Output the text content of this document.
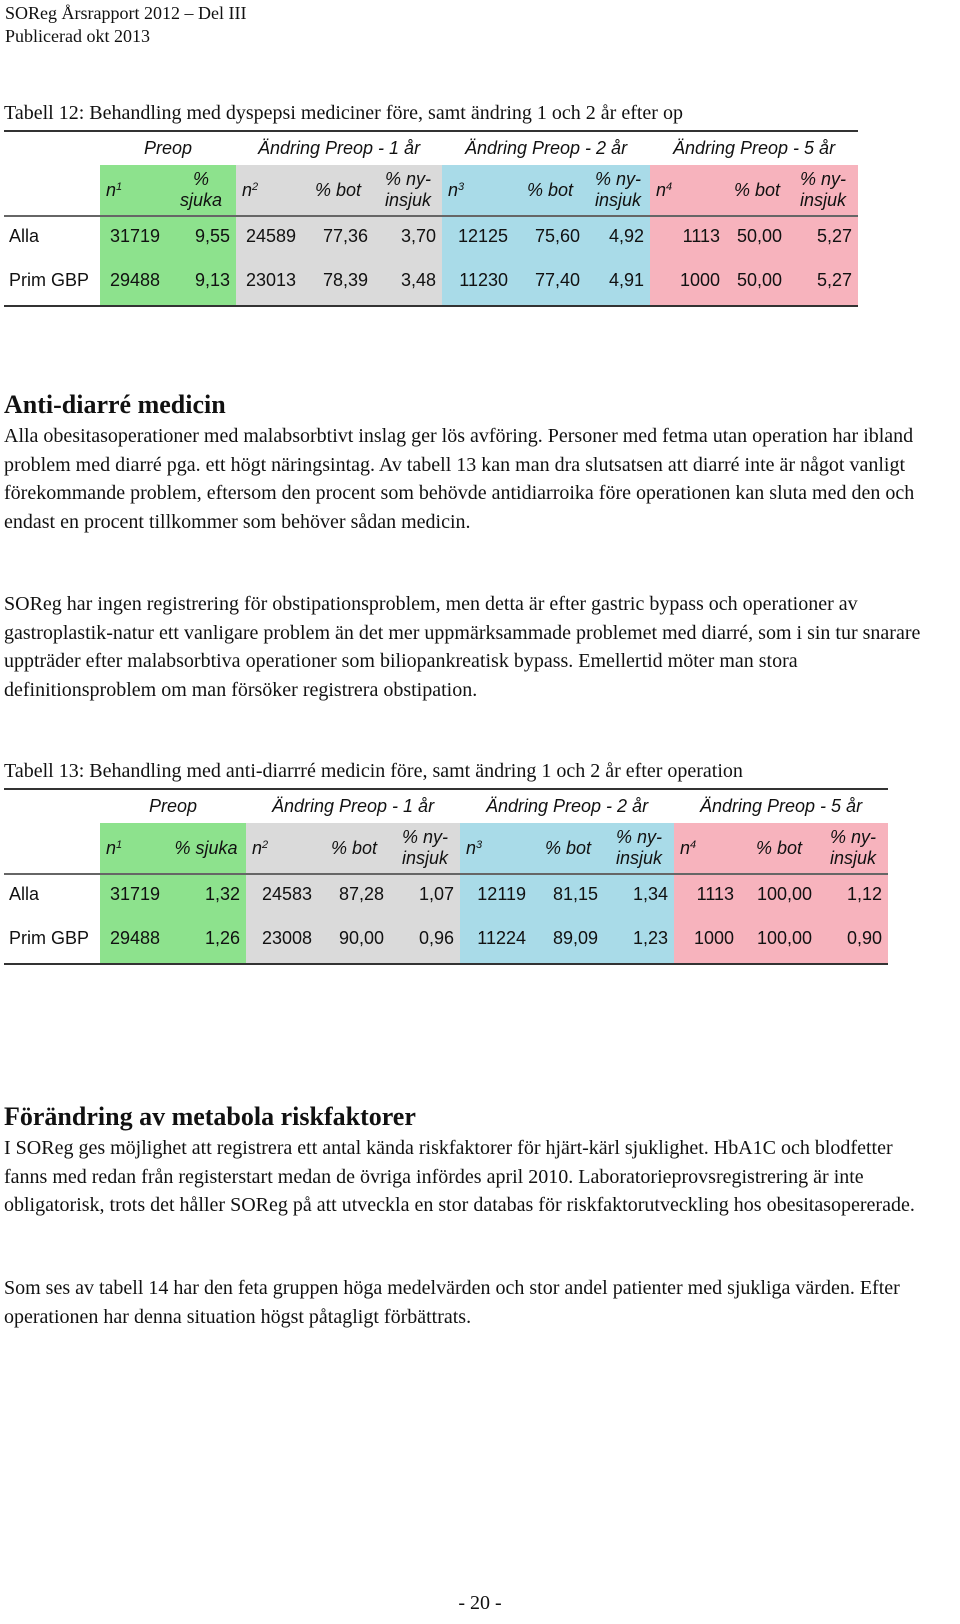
SOReg Årsrapport 2012 – Del III
Publicerad okt 2013
Tabell 12: Behandling med dyspepsi mediciner före, samt ändring 1 och 2 år efter op
	Preop		Ändring Preop - 1 år			Ändring Preop - 2 år			Ändring Preop - 5 år		
	$n^1$	% sjuka	$n^2$	% bot	% ny-insjuk	$n^3$	% bot	% ny-insjuk	$n^4$	% bot	% ny-insjuk
Alla	31719	9,55	24589	77,36	3,70	12125	75,60	4,92	1113	50,00	5,27
Prim GBP	29488	9,13	23013	78,39	3,48	11230	77,40	4,91	1000	50,00	5,27
Anti-diarré medicin

Alla obesitasoperationer med malabsorbtivt inslag ger lös avföring. Personer med fetma utan operation har ibland problem med diarré pga. ett högt näringsintag. Av tabell 13 kan man dra slutsatsen att diarré inte är något vanligt förekommande problem, eftersom den procent som behövde antidiarroika före operationen kan sluta med den och endast en procent tillkommer som behöver sådan medicin.

SOReg har ingen registrering för obstipationsproblem, men detta är efter gastric bypass och operationer av gastroplastik-natur ett vanligare problem än det mer uppmärksammade problemet med diarré, som i sin tur snarare uppträder efter malabsorbtiva operationer som biliopankreatisk bypass. Emellertid möter man stora definitionsproblem om man försöker registrera obstipation.

Tabell 13: Behandling med anti-diarrré medicin före, samt ändring 1 och 2 år efter operation
	Preop		Ändring Preop - 1 år			Ändring Preop - 2 år			Ändring Preop - 5 år		
	$n^1$	% sjuka	$n^2$	% bot	% ny-insjuk	$n^3$	% bot	% ny-insjuk	$n^4$	% bot	% ny-insjuk
Alla	31719	1,32	24583	87,28	1,07	12119	81,15	1,34	1113	100,00	1,12
Prim GBP	29488	1,26	23008	90,00	0,96	11224	89,09	1,23	1000	100,00	0,90
Förändring av metabola riskfaktorer

I SOReg ges möjlighet att registrera ett antal kända riskfaktorer för hjärt-kärl sjuklighet. HbA1C och blodfetter fanns med redan från registerstart medan de övriga infördes april 2010. Laboratorieprovsregistrering är inte obligatorisk, trots det håller SOReg på att utveckla en stor databas för riskfaktorutveckling hos obesitasopererade.

Som ses av tabell 14 har den feta gruppen höga medelvärden och stor andel patienter med sjukliga värden. Efter operationen har denna situation högst påtagligt förbättrats.

- 20 -
